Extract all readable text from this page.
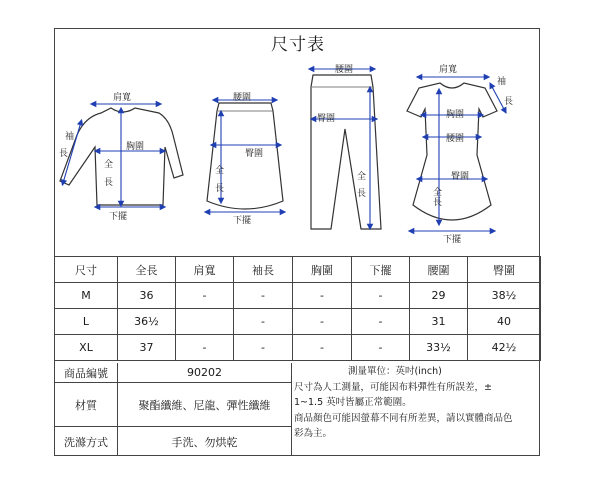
尺寸表
肩寬
袖
長
胸圍
全
長
下擺
腰圍
臀圍
全
長
下擺
腰圍
臀圍
全
長
肩寬
袖
長
胸圍
腰圍
臀圍
全
長
下擺
尺寸	全長	肩寬	袖長	胸圍	下擺	腰圍	臀圍
M	36	-	-	-	-	29	38½
L	36½		-	-	-	31	40
XL	37	-	-	-	-	33½	42½
商品編號	90202
材質	聚酯纖維、尼龍、彈性纖維
洗滌方式	手洗、勿烘乾
測量單位：英吋(inch)
尺寸為人工測量，可能因布料彈性有所誤差，±
1~1.5 英吋皆屬正常範圍。
商品顏色可能因螢幕不同有所差異，請以實體商品色
彩為主。
